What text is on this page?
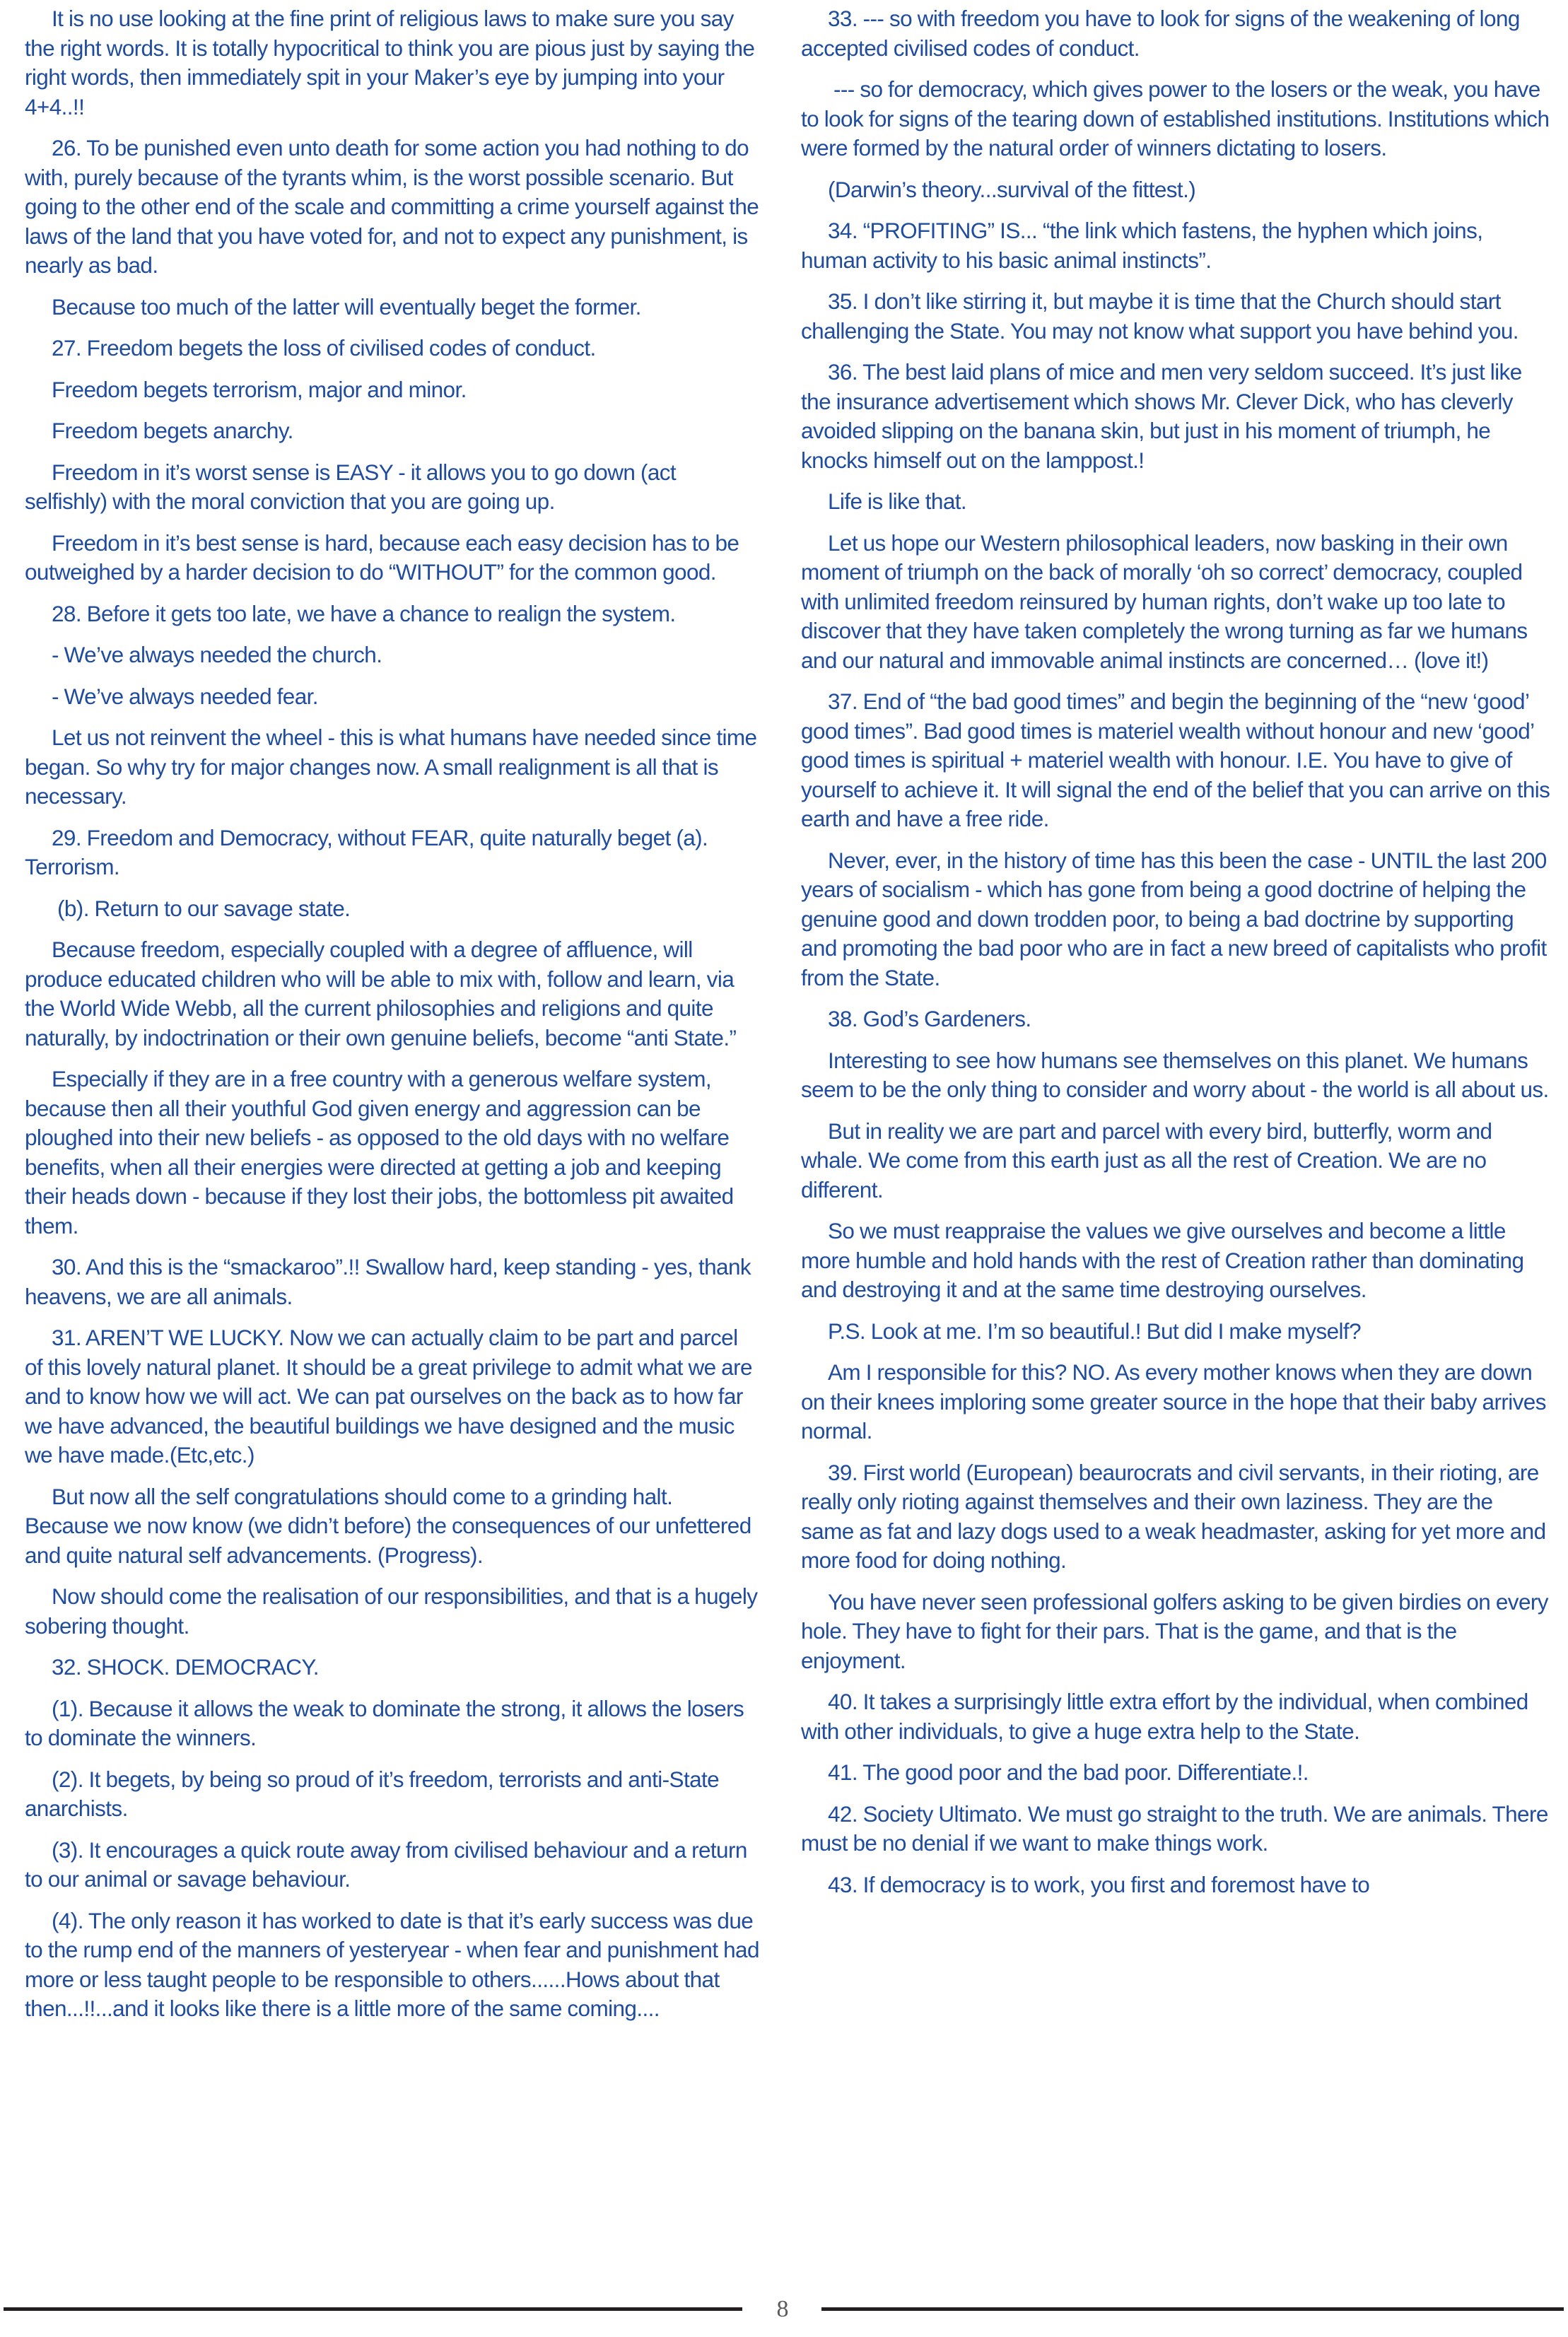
It is no use looking at the fine print of religious laws to make sure you say the right words. It is totally hypocritical to think you are pious just by saying the right words, then immediately spit in your Maker’s eye by jumping into your 4+4..!!

26. To be punished even unto death for some action you had nothing to do with, purely because of the tyrants whim, is the worst possible scenario. But going to the other end of the scale and committing a crime yourself against the laws of the land that you have voted for, and not to expect any punishment, is nearly as bad.

Because too much of the latter will eventually beget the former.

27. Freedom begets the loss of civilised codes of conduct.

Freedom begets terrorism, major and minor.

Freedom begets anarchy.

Freedom in it’s worst sense is EASY - it allows you to go down (act selfishly) with the moral conviction that you are going up.

Freedom in it’s best sense is hard, because each easy decision has to be outweighed by a harder decision to do “WITHOUT” for the common good.

28. Before it gets too late, we have a chance to realign the system.

- We’ve always needed the church.

- We’ve always needed fear.

Let us not reinvent the wheel - this is what humans have needed since time began. So why try for major changes now. A small realignment is all that is necessary.

29. Freedom and Democracy, without FEAR, quite naturally beget (a). Terrorism.

(b). Return to our savage state.

Because freedom, especially coupled with a degree of affluence, will produce educated children who will be able to mix with, follow and learn, via the World Wide Webb, all the current philosophies and religions and quite naturally, by indoctrination or their own genuine beliefs, become “anti State.”

Especially if they are in a free country with a generous welfare system, because then all their youthful God given energy and aggression can be ploughed into their new beliefs - as opposed to the old days with no welfare benefits, when all their energies were directed at getting a job and keeping their heads down - because if they lost their jobs, the bottomless pit awaited them.

30. And this is the “smackaroo”.!! Swallow hard, keep standing - yes, thank heavens, we are all animals.

31. AREN’T WE LUCKY. Now we can actually claim to be part and parcel of this lovely natural planet. It should be a great privilege to admit what we are and to know how we will act. We can pat ourselves on the back as to how far we have advanced, the beautiful buildings we have designed and the music we have made.(Etc,etc.)

But now all the self congratulations should come to a grinding halt. Because we now know (we didn’t before) the consequences of our unfettered and quite natural self advancements. (Progress).

Now should come the realisation of our responsibilities, and that is a hugely sobering thought.

32. SHOCK. DEMOCRACY.

(1). Because it allows the weak to dominate the strong, it allows the losers to dominate the winners.

(2). It begets, by being so proud of it’s freedom, terrorists and anti-State anarchists.

(3). It encourages a quick route away from civilised behaviour and a return to our animal or savage behaviour.

(4). The only reason it has worked to date is that it’s early success was due to the rump end of the manners of yesteryear - when fear and punishment had more or less taught people to be responsible to others......Hows about that then...!!...and it looks like there is a little more of the same coming....

33. --- so with freedom you have to look for signs of the weakening of long accepted civilised codes of conduct.

--- so for democracy, which gives power to the losers or the weak, you have to look for signs of the tearing down of established institutions. Institutions which were formed by the natural order of winners dictating to losers.

(Darwin’s theory...survival of the fittest.)

34. “PROFITING” IS... “the link which fastens, the hyphen which joins, human activity to his basic animal instincts”.

35. I don’t like stirring it, but maybe it is time that the Church should start challenging the State. You may not know what support you have behind you.

36. The best laid plans of mice and men very seldom succeed. It’s just like the insurance advertisement which shows Mr. Clever Dick, who has cleverly avoided slipping on the banana skin, but just in his moment of triumph, he knocks himself out on the lamppost.!

Life is like that.

Let us hope our Western philosophical leaders, now basking in their own moment of triumph on the back of morally ‘oh so correct’ democracy, coupled with unlimited freedom reinsured by human rights, don’t wake up too late to discover that they have taken completely the wrong turning as far we humans and our natural and immovable animal instincts are concerned… (love it!)

37. End of “the bad good times” and begin the beginning of the “new ‘good’ good times”. Bad good times is materiel wealth without honour and new ‘good’ good times is spiritual + materiel wealth with honour. I.E. You have to give of yourself to achieve it. It will signal the end of the belief that you can arrive on this earth and have a free ride.

Never, ever, in the history of time has this been the case - UNTIL the last 200 years of socialism - which has gone from being a good doctrine of helping the genuine good and down trodden poor, to being a bad doctrine by supporting and promoting the bad poor who are in fact a new breed of capitalists who profit from the State.

38. God’s Gardeners.

Interesting to see how humans see themselves on this planet. We humans seem to be the only thing to consider and worry about - the world is all about us.

But in reality we are part and parcel with every bird, butterfly, worm and whale. We come from this earth just as all the rest of Creation. We are no different.

So we must reappraise the values we give ourselves and become a little more humble and hold hands with the rest of Creation rather than dominating and destroying it and at the same time destroying ourselves.

P.S. Look at me. I’m so beautiful.! But did I make myself?

Am I responsible for this? NO. As every mother knows when they are down on their knees imploring some greater source in the hope that their baby arrives normal.

39. First world (European) beaurocrats and civil servants, in their rioting, are really only rioting against themselves and their own laziness. They are the same as fat and lazy dogs used to a weak headmaster, asking for yet more and more food for doing nothing.

You have never seen professional golfers asking to be given birdies on every hole. They have to fight for their pars. That is the game, and that is the enjoyment.

40. It takes a surprisingly little extra effort by the individual, when combined with other individuals, to give a huge extra help to the State.

41. The good poor and the bad poor. Differentiate.!.

42. Society Ultimato. We must go straight to the truth. We are animals. There must be no denial if we want to make things work.

43. If democracy is to work, you first and foremost have to

8
